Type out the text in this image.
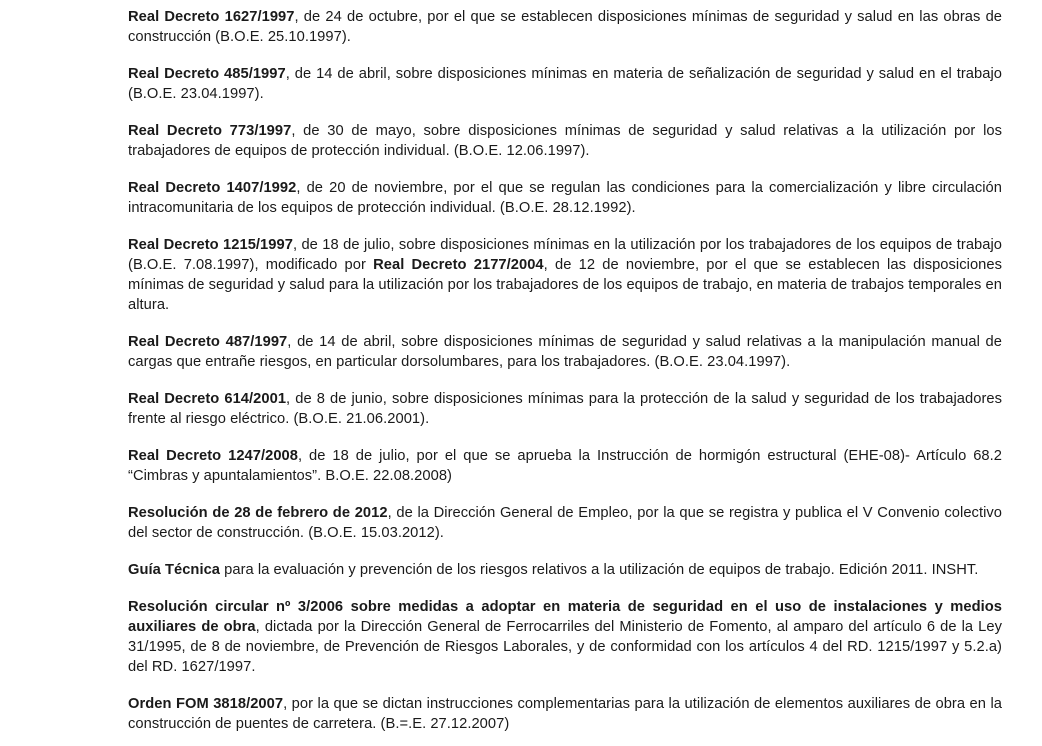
Real Decreto 1627/1997, de 24 de octubre, por el que se establecen disposiciones mínimas de seguridad y salud en las obras de construcción (B.O.E. 25.10.1997).

Real Decreto 485/1997, de 14 de abril, sobre disposiciones mínimas en materia de señalización de seguridad y salud en el trabajo (B.O.E. 23.04.1997).

Real Decreto 773/1997, de 30 de mayo, sobre disposiciones mínimas de seguridad y salud relativas a la utilización por los trabajadores de equipos de protección individual. (B.O.E. 12.06.1997).

Real Decreto 1407/1992, de 20 de noviembre, por el que se regulan las condiciones para la comercialización y libre circulación intracomunitaria de los equipos de protección individual. (B.O.E. 28.12.1992).

Real Decreto 1215/1997, de 18 de julio, sobre disposiciones mínimas en la utilización por los trabajadores de los equipos de trabajo (B.O.E. 7.08.1997), modificado por Real Decreto 2177/2004, de 12 de noviembre, por el que se establecen las disposiciones mínimas de seguridad y salud para la utilización por los trabajadores de los equipos de trabajo, en materia de trabajos temporales en altura.

Real Decreto 487/1997, de 14 de abril, sobre disposiciones mínimas de seguridad y salud relativas a la manipulación manual de cargas que entrañe riesgos, en particular dorsolumbares, para los trabajadores. (B.O.E. 23.04.1997).

Real Decreto 614/2001, de 8 de junio, sobre disposiciones mínimas para la protección de la salud y seguridad de los trabajadores frente al riesgo eléctrico. (B.O.E. 21.06.2001).

Real Decreto 1247/2008, de 18 de julio, por el que se aprueba la Instrucción de hormigón estructural (EHE-08)- Artículo 68.2 “Cimbras y apuntalamientos”. B.O.E. 22.08.2008)

Resolución de 28 de febrero de 2012, de la Dirección General de Empleo, por la que se registra y publica el V Convenio colectivo del sector de construcción. (B.O.E. 15.03.2012).

Guía Técnica para la evaluación y prevención de los riesgos relativos a la utilización de equipos de trabajo. Edición 2011. INSHT.

Resolución circular nº 3/2006 sobre medidas a adoptar en materia de seguridad en el uso de instalaciones y medios auxiliares de obra, dictada por la Dirección General de Ferrocarriles del Ministerio de Fomento, al amparo del artículo 6 de la Ley 31/1995, de 8 de noviembre, de Prevención de Riesgos Laborales, y de conformidad con los artículos 4 del RD. 1215/1997 y 5.2.a) del RD. 1627/1997.

Orden FOM 3818/2007, por la que se dictan instrucciones complementarias para la utilización de elementos auxiliares de obra en la construcción de puentes de carretera. (B.=.E. 27.12.2007)
